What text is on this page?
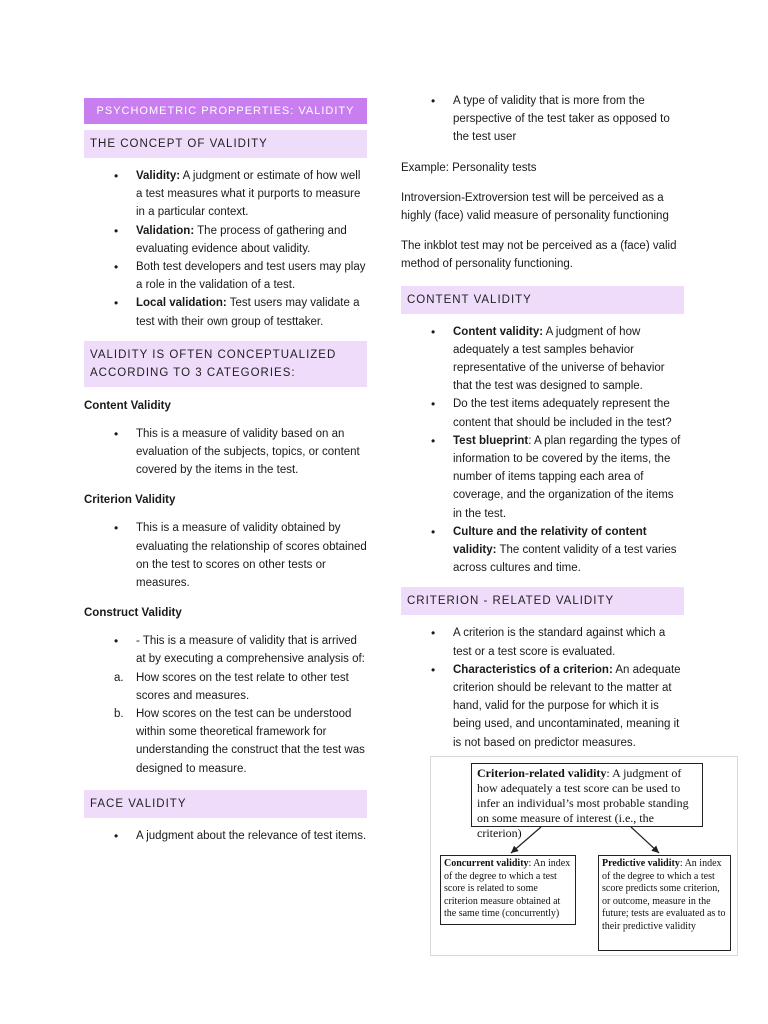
PSYCHOMETRIC PROPPERTIES: VALIDITY
THE CONCEPT OF VALIDITY
• Validity: A judgment or estimate of how well a test measures what it purports to measure in a particular context.
• Validation: The process of gathering and evaluating evidence about validity.
• Both test developers and test users may play a role in the validation of a test.
• Local validation: Test users may validate a test with their own group of testtaker.
VALIDITY IS OFTEN CONCEPTUALIZED ACCORDING TO 3 CATEGORIES:

Content Validity

• This is a measure of validity based on an evaluation of the subjects, topics, or content covered by the items in the test.

Criterion Validity

• This is a measure of validity obtained by evaluating the relationship of scores obtained on the test to scores on other tests or measures.

Construct Validity

• - This is a measure of validity that is arrived at by executing a comprehensive analysis of:
a. How scores on the test relate to other test scores and measures.
b. How scores on the test can be understood within some theoretical framework for understanding the construct that the test was designed to measure.
FACE VALIDITY
• A judgment about the relevance of test items.
• A type of validity that is more from the perspective of the test taker as opposed to the test user

Example: Personality tests

Introversion-Extroversion test will be perceived as a highly (face) valid measure of personality functioning

The inkblot test may not be perceived as a (face) valid method of personality functioning.

CONTENT VALIDITY
• Content validity: A judgment of how adequately a test samples behavior representative of the universe of behavior that the test was designed to sample.
• Do the test items adequately represent the content that should be included in the test?
• Test blueprint: A plan regarding the types of information to be covered by the items, the number of items tapping each area of coverage, and the organization of the items in the test.
• Culture and the relativity of content validity: The content validity of a test varies across cultures and time.
CRITERION - RELATED VALIDITY
• A criterion is the standard against which a test or a test score is evaluated.
• Characteristics of a criterion: An adequate criterion should be relevant to the matter at hand, valid for the purpose for which it is being used, and uncontaminated, meaning it is not based on predictor measures.
Criterion-related validity: A judgment of how adequately a test score can be used to infer an individual’s most probable standing on some measure of interest (i.e., the criterion)
Concurrent validity: An index of the degree to which a test score is related to some criterion measure obtained at the same time (concurrently)
Predictive validity: An index of the degree to which a test score predicts some criterion, or outcome, measure in the future; tests are evaluated as to their predictive validity
